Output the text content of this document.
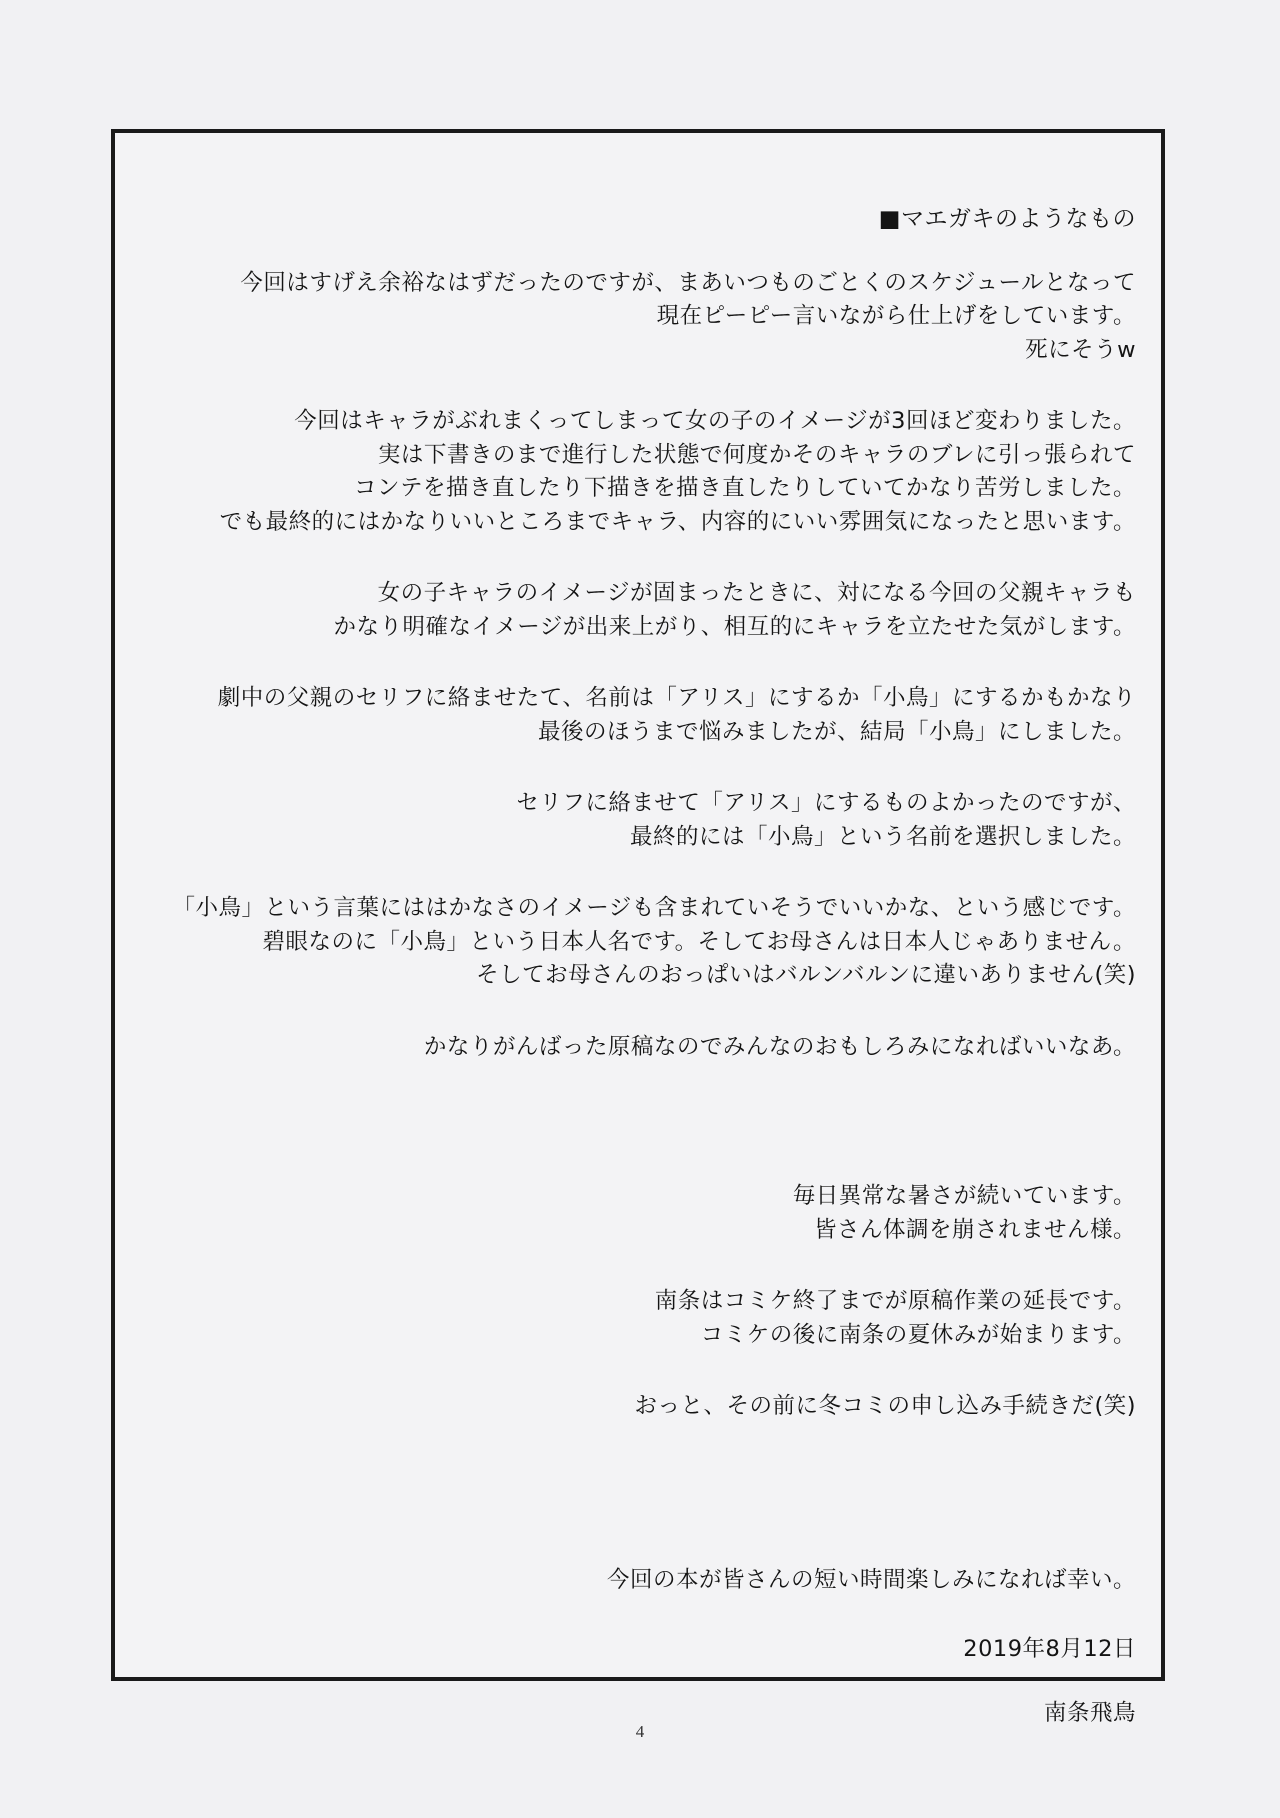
■マエガキのようなもの

今回はすげえ余裕なはずだったのですが、まあいつものごとくのスケジュールとなって

現在ピーピー言いながら仕上げをしています。

死にそうw

今回はキャラがぶれまくってしまって女の子のイメージが3回ほど変わりました。

実は下書きのまで進行した状態で何度かそのキャラのブレに引っ張られて

コンテを描き直したり下描きを描き直したりしていてかなり苦労しました。

でも最終的にはかなりいいところまでキャラ、内容的にいい雰囲気になったと思います。

女の子キャラのイメージが固まったときに、対になる今回の父親キャラも

かなり明確なイメージが出来上がり、相互的にキャラを立たせた気がします。

劇中の父親のセリフに絡ませたて、名前は「アリス」にするか「小鳥」にするかもかなり

最後のほうまで悩みましたが、結局「小鳥」にしました。

セリフに絡ませて「アリス」にするものよかったのですが、

最終的には「小鳥」という名前を選択しました。

「小鳥」という言葉にははかなさのイメージも含まれていそうでいいかな、という感じです。

碧眼なのに「小鳥」という日本人名です。そしてお母さんは日本人じゃありません。

そしてお母さんのおっぱいはバルンバルンに違いありません(笑)

かなりがんばった原稿なのでみんなのおもしろみになればいいなあ。

毎日異常な暑さが続いています。

皆さん体調を崩されません様。

南条はコミケ終了までが原稿作業の延長です。

コミケの後に南条の夏休みが始まります。

おっと、その前に冬コミの申し込み手続きだ(笑)

今回の本が皆さんの短い時間楽しみになれば幸い。

2019年8月12日

南条飛鳥

4
